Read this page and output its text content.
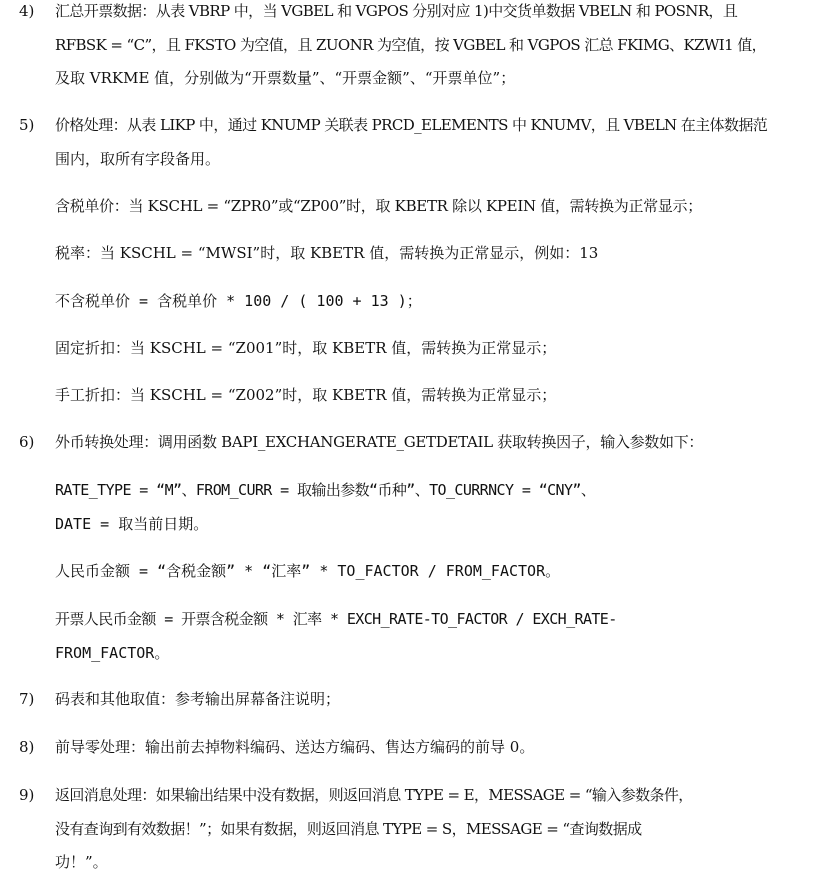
4) 汇总开票数据：从表 VBRP 中，当 VGBEL 和 VGPOS 分别对应 1)中交货单数据 VBELN 和 POSNR，且
RFBSK = “C”，且 FKSTO 为空值，且 ZUONR 为空值，按 VGBEL 和 VGPOS 汇总 FKIMG、KZWI1 值，
及取 VRKME 值，分别做为“开票数量”、“开票金额”、“开票单位”；
5) 价格处理：从表 LIKP 中，通过 KNUMP 关联表 PRCD_ELEMENTS 中 KNUMV，且 VBELN 在主体数据范
围内，取所有字段备用。
含税单价：当 KSCHL = “ZPR0”或“ZP00”时，取 KBETR 除以 KPEIN 值，需转换为正常显示；
税率：当 KSCHL = “MWSI”时，取 KBETR 值，需转换为正常显示，例如：13
不含税单价 = 含税单价 * 100 / ( 100 + 13 )；
固定折扣：当 KSCHL = “Z001”时，取 KBETR 值，需转换为正常显示；
手工折扣：当 KSCHL = “Z002”时，取 KBETR 值，需转换为正常显示；
6) 外币转换处理：调用函数 BAPI_EXCHANGERATE_GETDETAIL 获取转换因子，输入参数如下：
RATE_TYPE = “M”、FROM_CURR = 取输出参数“币种”、TO_CURRNCY = “CNY”、
DATE = 取当前日期。
人民币金额 = “含税金额” * “汇率” * TO_FACTOR / FROM_FACTOR。
开票人民币金额 = 开票含税金额 * 汇率 * EXCH_RATE-TO_FACTOR / EXCH_RATE-
FROM_FACTOR。
7) 码表和其他取值：参考输出屏幕备注说明；
8) 前导零处理：输出前去掉物料编码、送达方编码、售达方编码的前导 0。
9) 返回消息处理：如果输出结果中没有数据，则返回消息 TYPE = E，MESSAGE = “输入参数条件，
没有查询到有效数据！”；如果有数据，则返回消息 TYPE = S，MESSAGE = “查询数据成
功！”。
